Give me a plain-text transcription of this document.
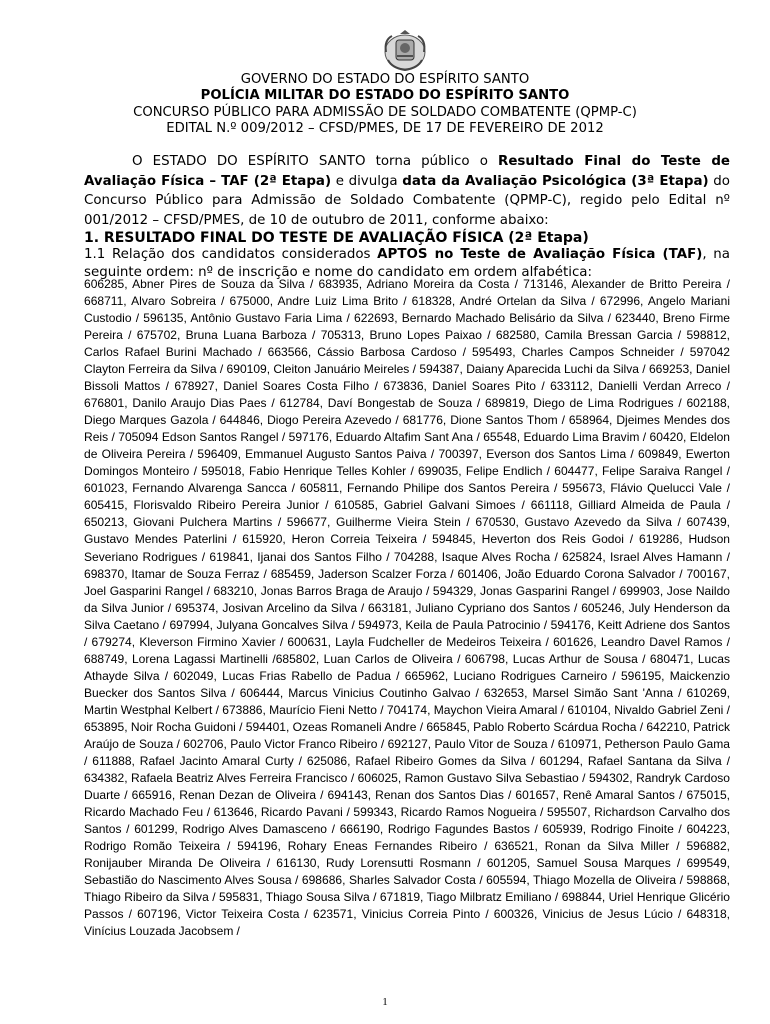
GOVERNO DO ESTADO DO ESPÍRITO SANTO
POLÍCIA MILITAR DO ESTADO DO ESPÍRITO SANTO
CONCURSO PÚBLICO PARA ADMISSÃO DE SOLDADO COMBATENTE (QPMP-C)
EDITAL N.º 009/2012 – CFSD/PMES, DE 17 DE FEVEREIRO DE 2012
O ESTADO DO ESPÍRITO SANTO torna público o Resultado Final do Teste de Avaliação Física – TAF (2ª Etapa) e divulga data da Avaliação Psicológica (3ª Etapa) do Concurso Público para Admissão de Soldado Combatente (QPMP-C), regido pelo Edital nº 001/2012 – CFSD/PMES, de 10 de outubro de 2011, conforme abaixo:
1. RESULTADO FINAL DO TESTE DE AVALIAÇÃO FÍSICA (2ª Etapa)
1.1 Relação dos candidatos considerados APTOS no Teste de Avaliação Física (TAF), na seguinte ordem: nº de inscrição e nome do candidato em ordem alfabética:
606285, Abner Pires de Souza da Silva / 683935, Adriano Moreira da Costa / 713146, Alexander de Britto Pereira / 668711, Alvaro Sobreira / 675000, Andre Luiz Lima Brito / 618328, André Ortelan da Silva / 672996, Angelo Mariani Custodio / 596135, Antônio Gustavo Faria Lima / 622693, Bernardo Machado Belisário da Silva / 623440, Breno Firme Pereira / 675702, Bruna Luana Barboza / 705313, Bruno Lopes Paixao / 682580, Camila Bressan Garcia / 598812, Carlos Rafael Burini Machado / 663566, Cássio Barbosa Cardoso / 595493, Charles Campos Schneider / 597042 Clayton Ferreira da Silva / 690109, Cleiton Januário Meireles / 594387, Daiany Aparecida Luchi da Silva / 669253, Daniel Bissoli Mattos / 678927, Daniel Soares Costa Filho / 673836, Daniel Soares Pito / 633112, Danielli Verdan Arreco / 676801, Danilo Araujo Dias Paes / 612784, Daví Bongestab de Souza / 689819, Diego de Lima Rodrigues / 602188, Diego Marques Gazola / 644846, Diogo Pereira Azevedo / 681776, Dione Santos Thom / 658964, Djeimes Mendes dos Reis / 705094 Edson Santos Rangel / 597176, Eduardo Altafim Sant Ana / 65548, Eduardo Lima Bravim / 60420, Eldelon de Oliveira Pereira / 596409, Emmanuel Augusto Santos Paiva / 700397, Everson dos Santos Lima / 609849, Ewerton Domingos Monteiro / 595018, Fabio Henrique Telles Kohler / 699035, Felipe Endlich / 604477, Felipe Saraiva Rangel / 601023, Fernando Alvarenga Sancca / 605811, Fernando Philipe dos Santos Pereira / 595673, Flávio Quelucci Vale / 605415, Florisvaldo Ribeiro Pereira Junior / 610585, Gabriel Galvani Simoes / 661118, Gilliard Almeida de Paula / 650213, Giovani Pulchera Martins / 596677, Guilherme Vieira Stein / 670530, Gustavo Azevedo da Silva / 607439, Gustavo Mendes Paterlini / 615920, Heron Correia Teixeira / 594845, Heverton dos Reis Godoi / 619286, Hudson Severiano Rodrigues / 619841, Ijanai dos Santos Filho / 704288, Isaque Alves Rocha / 625824, Israel Alves Hamann / 698370, Itamar de Souza Ferraz / 685459, Jaderson Scalzer Forza / 601406, João Eduardo Corona Salvador / 700167, Joel Gasparini Rangel / 683210, Jonas Barros Braga de Araujo / 594329, Jonas Gasparini Rangel / 699903, Jose Naildo da Silva Junior / 695374, Josivan Arcelino da Silva / 663181, Juliano Cypriano dos Santos / 605246, July Henderson da Silva Caetano / 697994, Julyana Goncalves Silva / 594973, Keila de Paula Patrocinio / 594176, Keitt Adriene dos Santos / 679274, Kleverson Firmino Xavier / 600631, Layla Fudcheller de Medeiros Teixeira / 601626, Leandro Davel Ramos / 688749, Lorena Lagassi Martinelli /685802, Luan Carlos de Oliveira / 606798, Lucas Arthur de Sousa / 680471, Lucas Athayde Silva / 602049, Lucas Frias Rabello de Padua / 665962, Luciano Rodrigues Carneiro / 596195, Maickenzio Buecker dos Santos Silva / 606444, Marcus Vinicius Coutinho Galvao / 632653, Marsel Simão Sant 'Anna / 610269, Martin Westphal Kelbert / 673886, Maurício Fieni Netto / 704174, Maychon Vieira Amaral / 610104, Nivaldo Gabriel Zeni / 653895, Noir Rocha Guidoni / 594401, Ozeas Romaneli Andre / 665845, Pablo Roberto Scárdua Rocha / 642210, Patrick Araújo de Souza / 602706, Paulo Victor Franco Ribeiro / 692127, Paulo Vitor de Souza / 610971, Petherson Paulo Gama / 611888, Rafael Jacinto Amaral Curty / 625086, Rafael Ribeiro Gomes da Silva / 601294, Rafael Santana da Silva / 634382, Rafaela Beatriz Alves Ferreira Francisco / 606025, Ramon Gustavo Silva Sebastiao / 594302, Randryk Cardoso Duarte / 665916, Renan Dezan de Oliveira / 694143, Renan dos Santos Dias / 601657, Renê Amaral Santos / 675015, Ricardo Machado Feu / 613646, Ricardo Pavani / 599343, Ricardo Ramos Nogueira / 595507, Richardson Carvalho dos Santos / 601299, Rodrigo Alves Damasceno / 666190, Rodrigo Fagundes Bastos / 605939, Rodrigo Finoite / 604223, Rodrigo Romão Teixeira / 594196, Rohary Eneas Fernandes Ribeiro / 636521, Ronan da Silva Miller / 596882, Ronijauber Miranda De Oliveira / 616130, Rudy Lorensutti Rosmann / 601205, Samuel Sousa Marques / 699549, Sebastião do Nascimento Alves Sousa / 698686, Sharles Salvador Costa / 605594, Thiago Mozella de Oliveira / 598868, Thiago Ribeiro da Silva / 595831, Thiago Sousa Silva / 671819, Tiago Milbratz Emiliano / 698844, Uriel Henrique Glicério Passos / 607196, Victor Teixeira Costa / 623571, Vinicius Correia Pinto / 600326, Vinicius de Jesus Lúcio / 648318, Vinícius Louzada Jacobsem /
1
